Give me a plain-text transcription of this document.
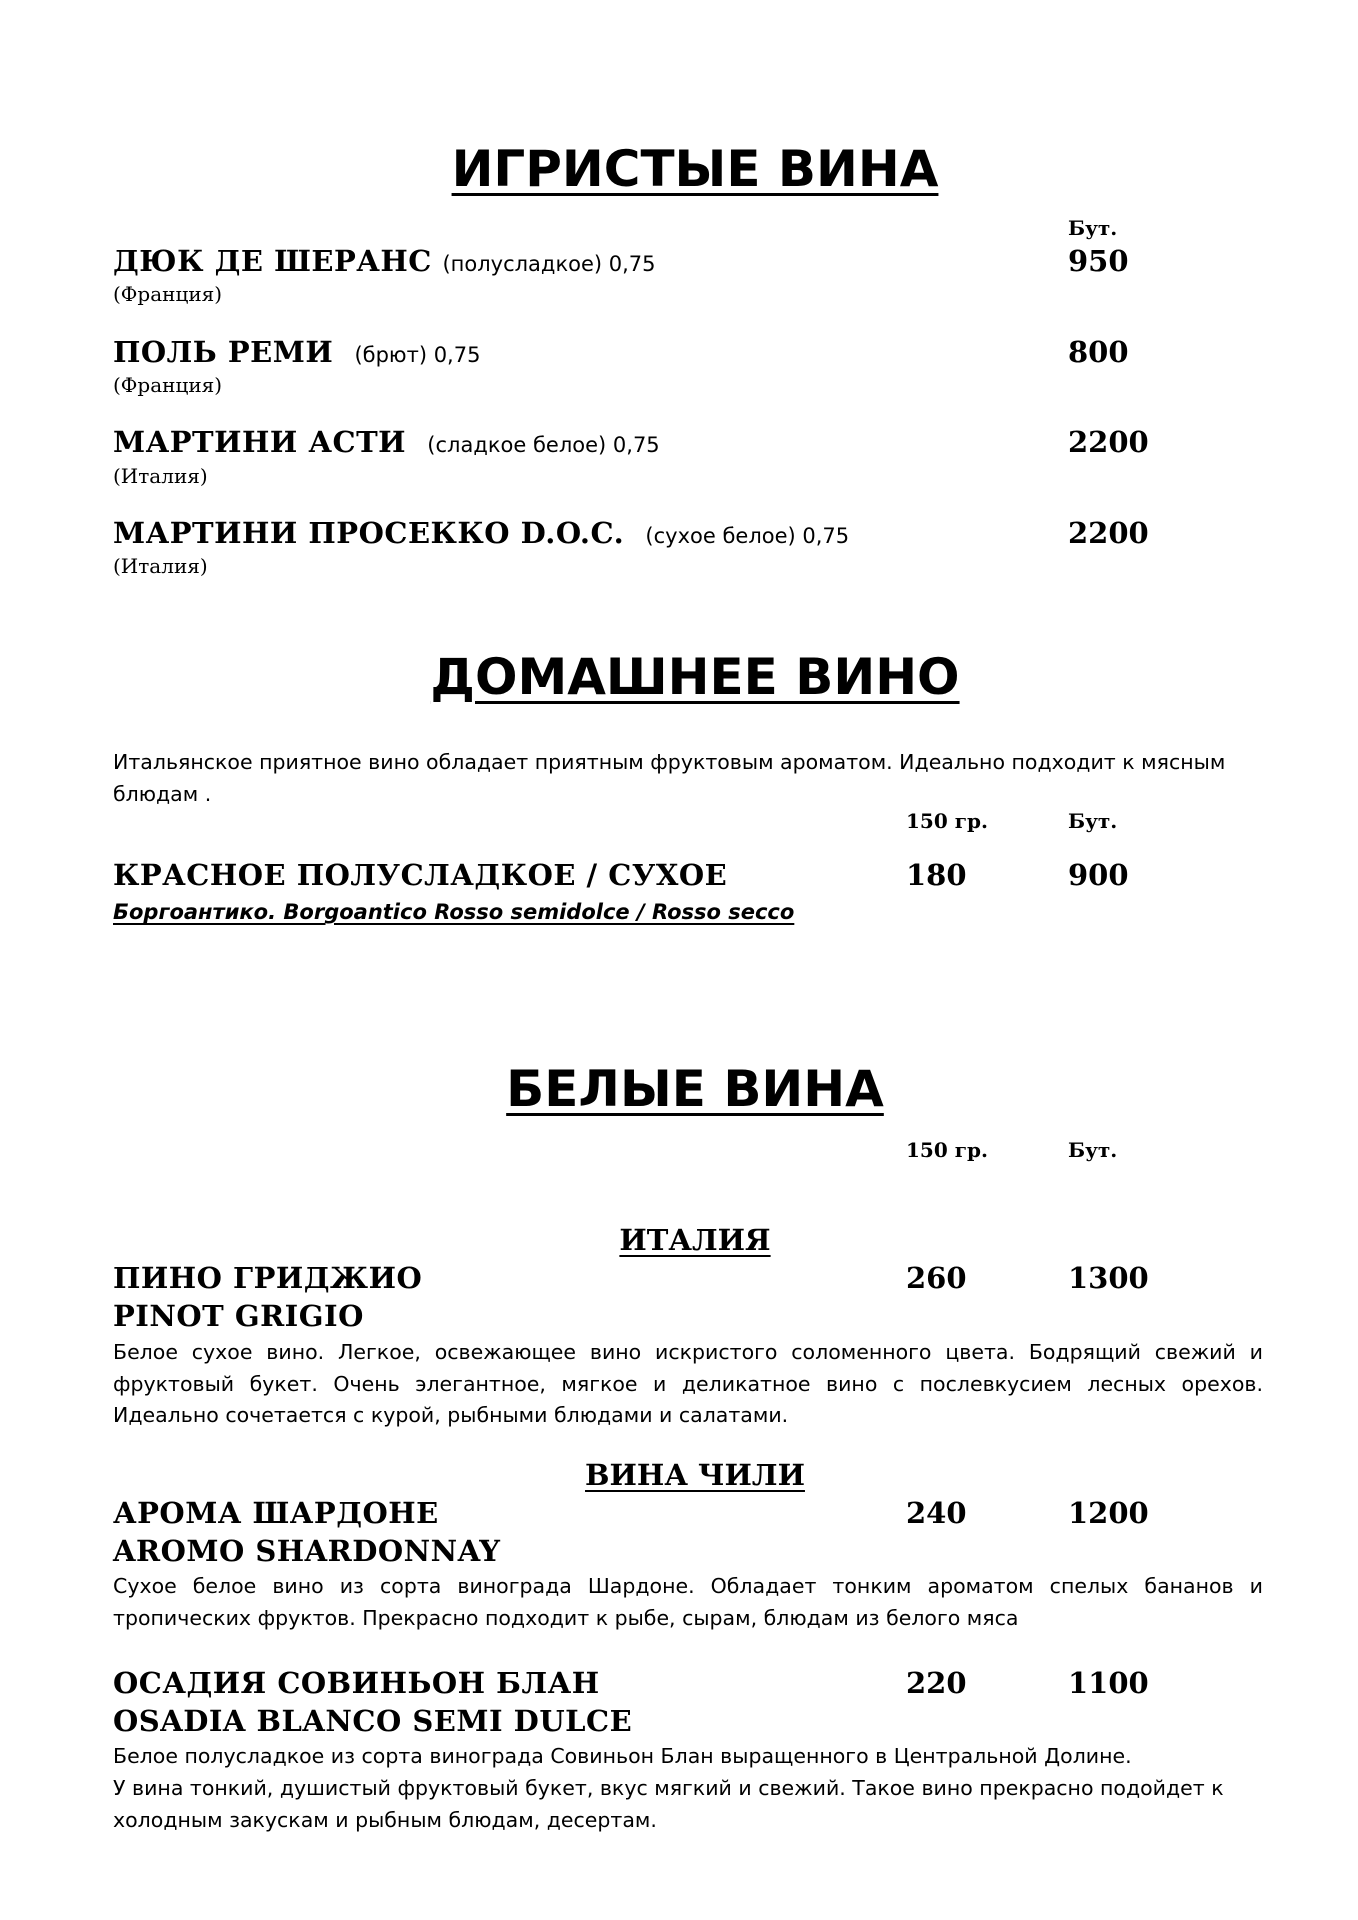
ИГРИСТЫЕ ВИНА
Бут.
ДЮК ДЕ ШЕРАНС (полусладкое) 0,75
(Франция)
950
ПОЛЬ РЕМИ (брют) 0,75
(Франция)
800
МАРТИНИ АСТИ (сладкое белое) 0,75
(Италия)
2200
МАРТИНИ ПРОСЕККО D.O.C. (сухое белое) 0,75
(Италия)
2200
ДОМАШНЕЕ ВИНО
Итальянское приятное вино обладает приятным фруктовым ароматом. Идеально подходит к мясным
блюдам .
150 гр.	Бут.
КРАСНОЕ ПОЛУСЛАДКОЕ / СУХОЕ	180	900
Боргоантико. Borgoantico Rosso semidolce / Rosso secco
БЕЛЫЕ ВИНА
150 гр.	Бут.
ИТАЛИЯ
ПИНО ГРИДЖИО	260	1300
PINOT GRIGIO
Белое сухое вино. Легкое, освежающее вино искристого соломенного цвета. Бодрящий свежий и фруктовый букет. Очень элегантное, мягкое и деликатное вино с послевкусием лесных орехов. Идеально сочетается с курой, рыбными блюдами и салатами.
ВИНА ЧИЛИ
АРОМА ШАРДОНЕ	240	1200
AROMO SHARDONNAY
Сухое белое вино из сорта винограда Шардоне. Обладает тонким ароматом спелых бананов и тропических фруктов. Прекрасно подходит к рыбе, сырам, блюдам из белого мяса
ОСАДИЯ СОВИНЬОН БЛАН	220	1100
OSADIA BLANCO SEMI DULCE
Белое полусладкое из сорта винограда Совиньон Блан выращенного в Центральной Долине.
У вина тонкий, душистый фруктовый букет, вкус мягкий и свежий. Такое вино прекрасно подойдет к
холодным закускам и рыбным блюдам, десертам.
